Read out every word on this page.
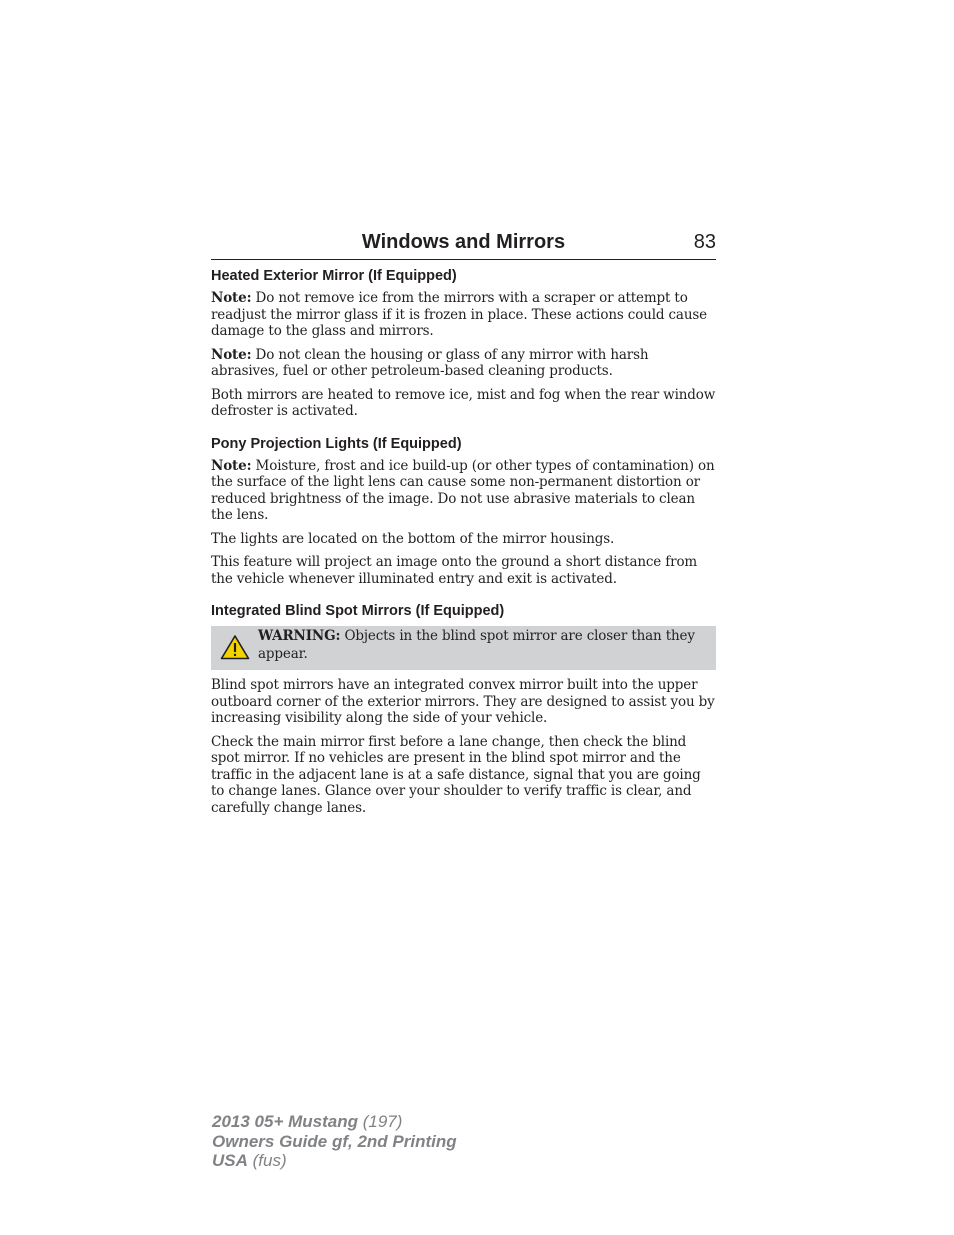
Windows and Mirrors	83
Heated Exterior Mirror (If Equipped)

Note: Do not remove ice from the mirrors with a scraper or attempt to readjust the mirror glass if it is frozen in place. These actions could cause damage to the glass and mirrors.

Note: Do not clean the housing or glass of any mirror with harsh abrasives, fuel or other petroleum-based cleaning products.

Both mirrors are heated to remove ice, mist and fog when the rear window defroster is activated.

Pony Projection Lights (If Equipped)

Note: Moisture, frost and ice build-up (or other types of contamination) on the surface of the light lens can cause some non-permanent distortion or reduced brightness of the image. Do not use abrasive materials to clean the lens.

The lights are located on the bottom of the mirror housings.

This feature will project an image onto the ground a short distance from the vehicle whenever illuminated entry and exit is activated.

Integrated Blind Spot Mirrors (If Equipped)
WARNING: Objects in the blind spot mirror are closer than they appear.

Blind spot mirrors have an integrated convex mirror built into the upper outboard corner of the exterior mirrors. They are designed to assist you by increasing visibility along the side of your vehicle.

Check the main mirror first before a lane change, then check the blind spot mirror. If no vehicles are present in the blind spot mirror and the traffic in the adjacent lane is at a safe distance, signal that you are going to change lanes. Glance over your shoulder to verify traffic is clear, and carefully change lanes.

2013 05+ Mustang (197)
Owners Guide gf, 2nd Printing
USA (fus)
